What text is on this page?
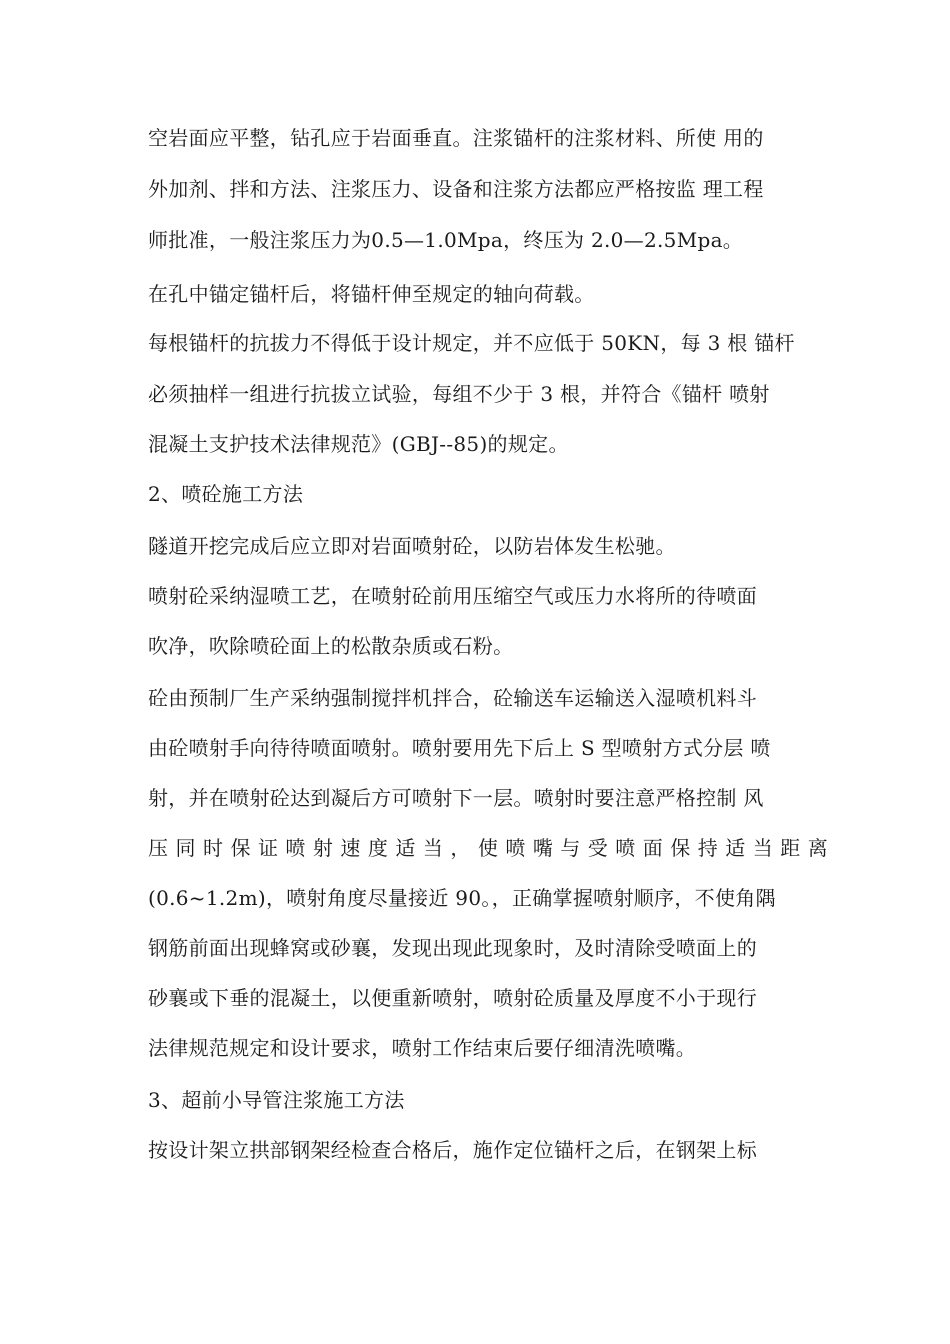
空岩面应平整，钻孔应于岩面垂直。注浆锚杆的注浆材料、所使 用的
外加剂、拌和方法、注浆压力、设备和注浆方法都应严格按监 理工程
师批准，一般注浆压力为0.5—1.0Mpa，终压为 2.0—2.5Mpa。
在孔中锚定锚杆后，将锚杆伸至规定的轴向荷载。
每根锚杆的抗拔力不得低于设计规定，并不应低于 50KN，每 3 根 锚杆
必须抽样一组进行抗拔立试验，每组不少于 3 根，并符合《锚杆 喷射
混凝土支护技术法律规范》(GBJ--85)的规定。
2、喷砼施工方法
隧道开挖完成后应立即对岩面喷射砼，以防岩体发生松驰。
喷射砼采纳湿喷工艺，在喷射砼前用压缩空气或压力水将所的待喷面
吹净，吹除喷砼面上的松散杂质或石粉。
砼由预制厂生产采纳强制搅拌机拌合，砼输送车运输送入湿喷机料斗
由砼喷射手向待待喷面喷射。喷射要用先下后上 S 型喷射方式分层 喷
射，并在喷射砼达到凝后方可喷射下一层。喷射时要注意严格控制 风
压同时保证喷射速度适当，使喷嘴与受喷面保持适当距离
(0.6~1.2m)，喷射角度尽量接近 90。，正确掌握喷射顺序，不使角隅
钢筋前面出现蜂窝或砂襄，发现出现此现象时，及时清除受喷面上的
砂襄或下垂的混凝土，以便重新喷射，喷射砼质量及厚度不小于现行
法律规范规定和设计要求，喷射工作结束后要仔细清洗喷嘴。
3、超前小导管注浆施工方法
按设计架立拱部钢架经检查合格后，施作定位锚杆之后，在钢架上标
